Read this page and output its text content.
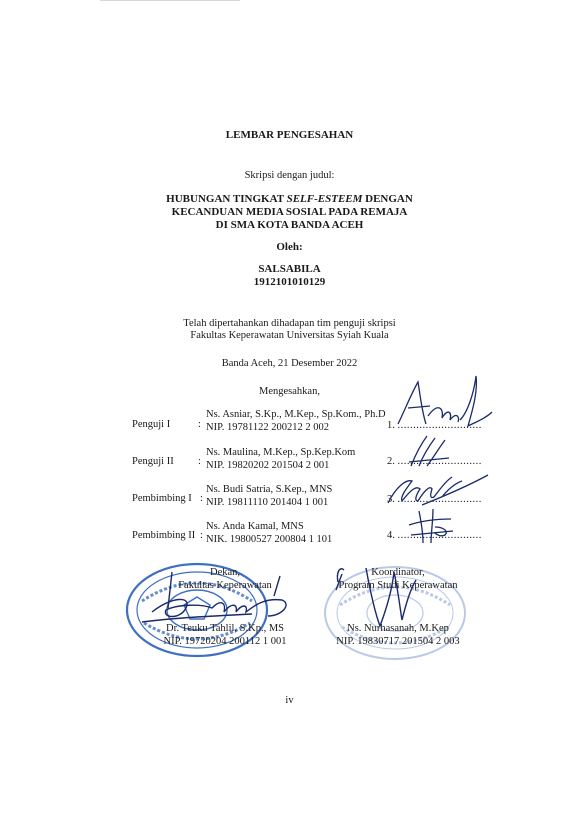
LEMBAR PENGESAHAN
Skripsi dengan judul:
HUBUNGAN TINGKAT SELF-ESTEEM DENGAN
KECANDUAN MEDIA SOSIAL PADA REMAJA
DI SMA KOTA BANDA ACEH
Oleh:
SALSABILA
1912101010129
Telah dipertahankan dihadapan tim penguji skripsi
Fakultas Keperawatan Universitas Syiah Kuala
Banda Aceh, 21 Desember 2022
Mengesahkan,
Penguji I	:
Ns. Asniar, S.Kp., M.Kep., Sp.Kom., Ph.D
NIP. 19781122 200212 2 002	1. ...........................
Penguji II :
Ns. Maulina, M.Kep., Sp.Kep.Kom
NIP. 19820202 201504 2 001	2. ...........................
Pembimbing I :
Ns. Budi Satria, S.Kep., MNS
NIP. 19811110 201404 1 001	3. ...........................
Pembimbing II :
Ns. Anda Kamal, MNS
NIK. 19800527 200804 1 101	4. ...........................
Dekan,
Fakultas Keperawatan
Dr. Teuku Tahlil, S.Kp., MS
NIP. 19720204 200112 1 001
Koordinator,
Program Studi Keperawatan
Ns. Nurhasanah, M.Kep
NIP. 19830717 201504 2 003
iv
